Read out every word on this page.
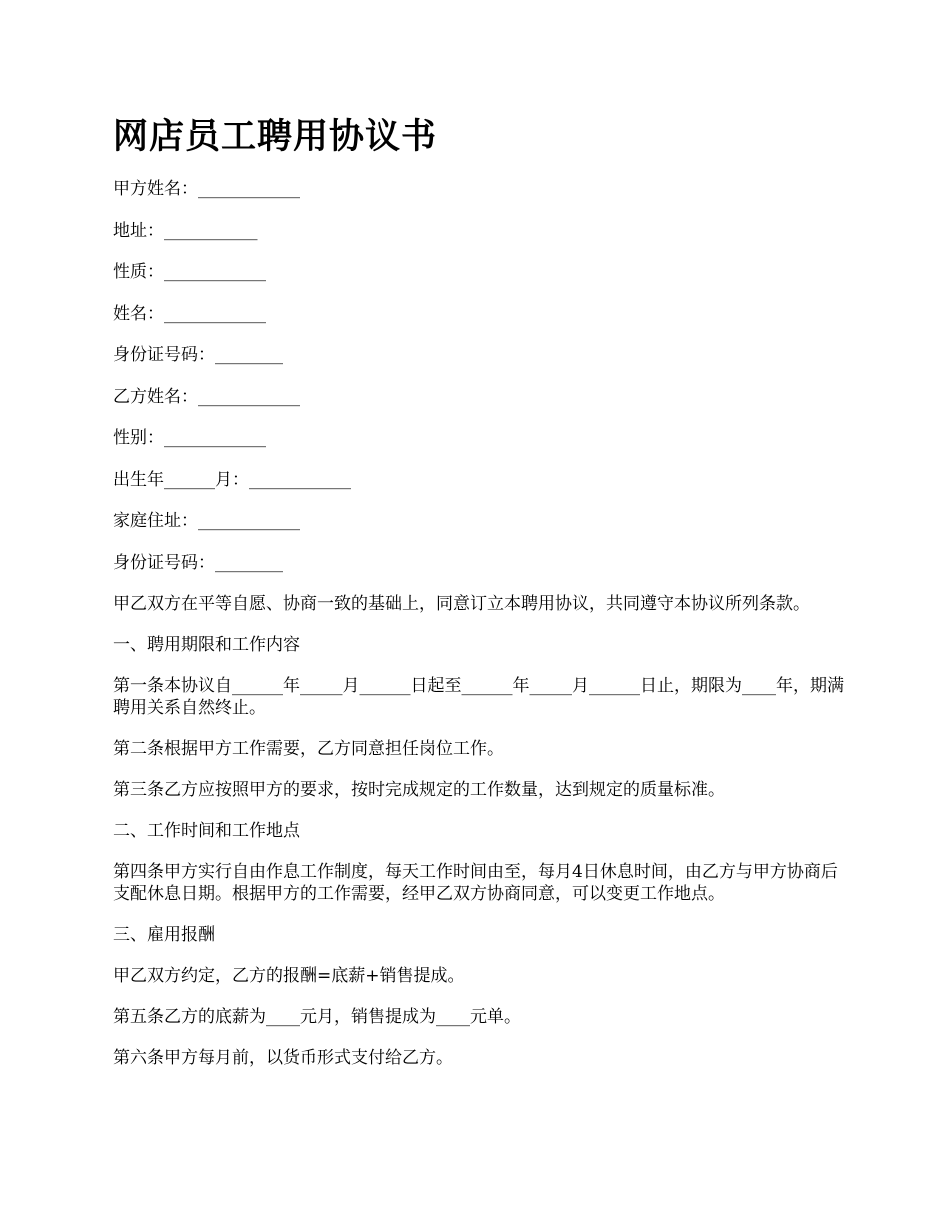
网店员工聘用协议书
甲方姓名：____________
地址：___________
性质：____________
姓名：____________
身份证号码：________
乙方姓名：____________
性别：____________
出生年______月：____________
家庭住址：____________
身份证号码：________

甲乙双方在平等自愿、协商一致的基础上，同意订立本聘用协议，共同遵守本协议所列条款。

一、聘用期限和工作内容

第一条本协议自______年_____月______日起至______年_____月______日止，期限为____年，期满聘用关系自然终止。

第二条根据甲方工作需要，乙方同意担任岗位工作。

第三条乙方应按照甲方的要求，按时完成规定的工作数量，达到规定的质量标准。

二、工作时间和工作地点

第四条甲方实行自由作息工作制度，每天工作时间由至，每月4日休息时间，由乙方与甲方协商后支配休息日期。根据甲方的工作需要，经甲乙双方协商同意，可以变更工作地点。

三、雇用报酬

甲乙双方约定，乙方的报酬=底薪+销售提成。

第五条乙方的底薪为____元月，销售提成为____元单。

第六条甲方每月前，以货币形式支付给乙方。
